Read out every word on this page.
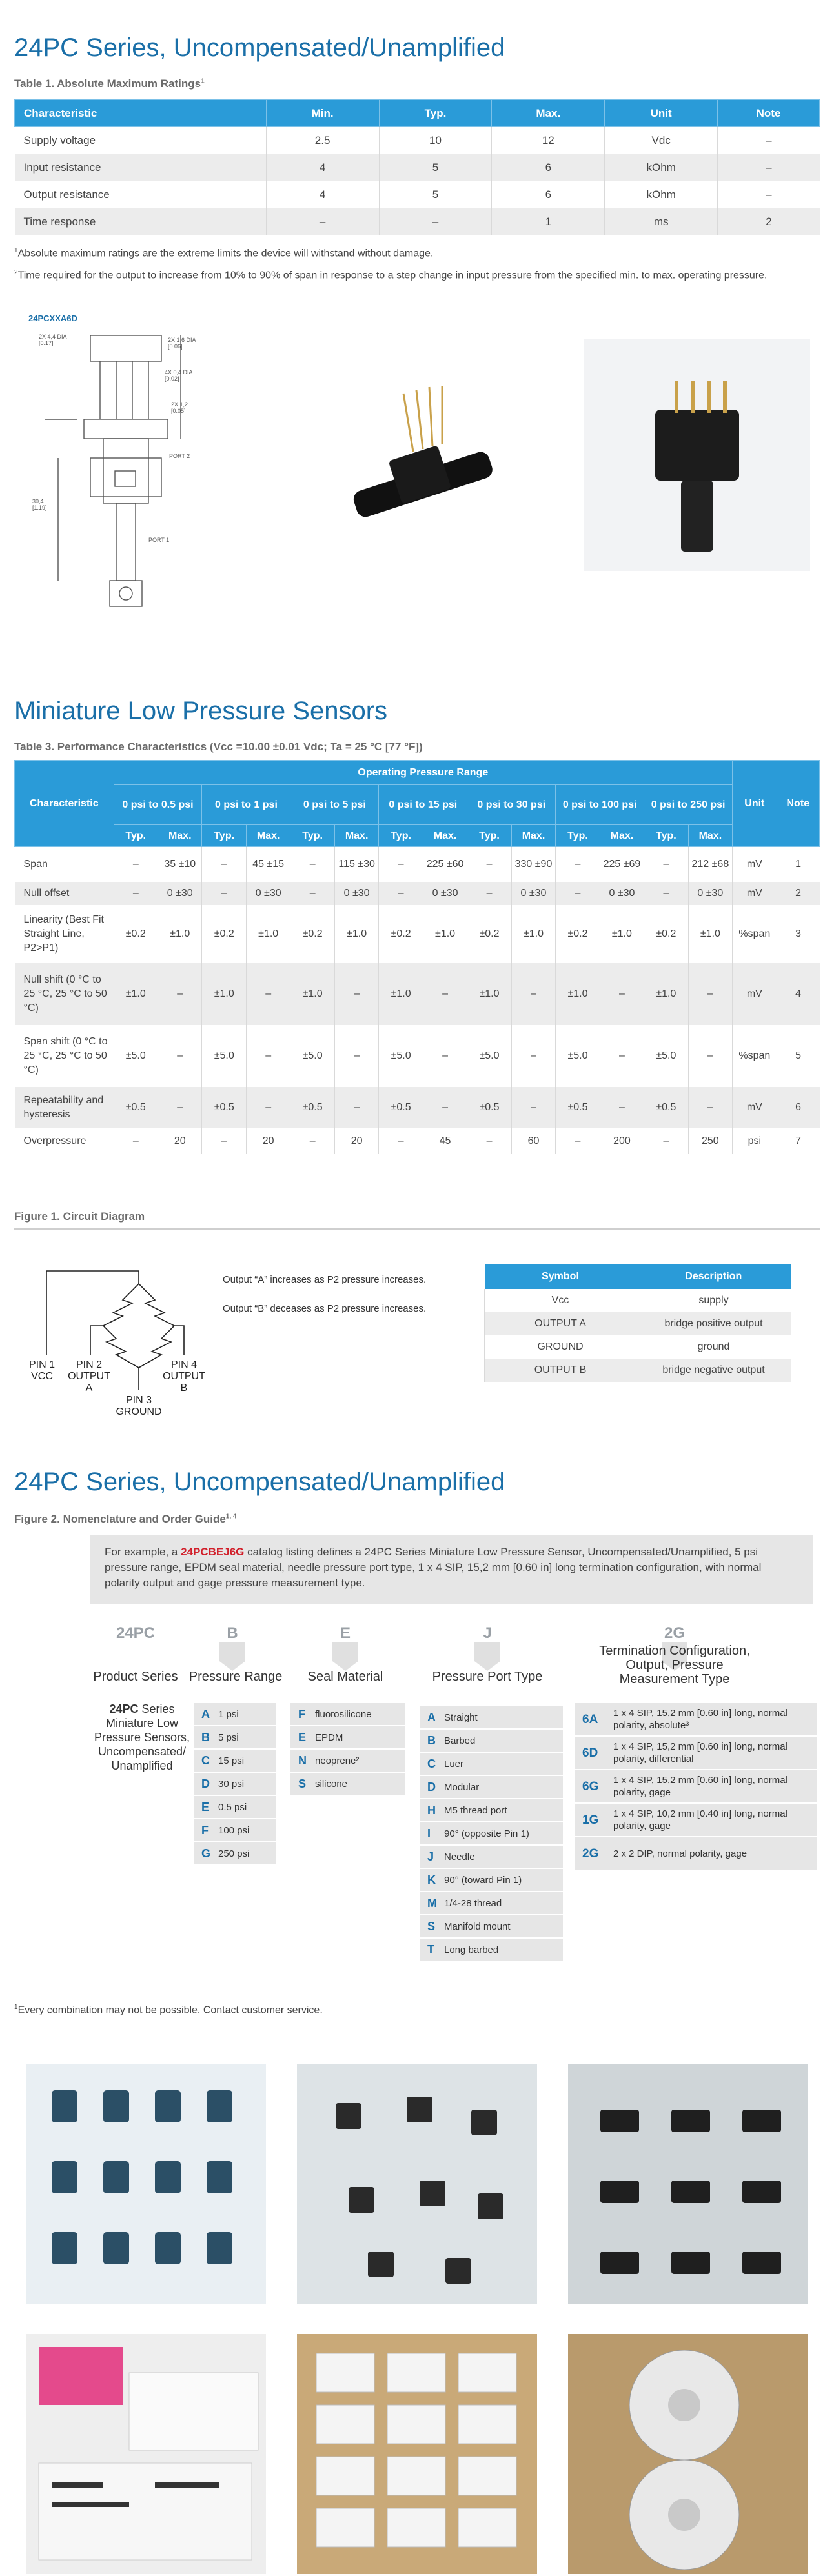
24PC Series, Uncompensated/Unamplified
Table 1. Absolute Maximum Ratings$^1$
Characteristic	Min.	Typ.	Max.	Unit	Note
Supply voltage	2.5	10	12	Vdc	–
Input resistance	4	5	6	kOhm	–
Output resistance	4	5	6	kOhm	–
Time response	–	–	1	ms	2
$^1$Absolute maximum ratings are the extreme limits the device will withstand without damage.
$^2$Time required for the output to increase from 10% to 90% of span in response to a step change in input pressure from the specified min. to max. operating pressure.
24PCXXA6D
2X 4,4 DIA
[0.17]	2X 1,6 DIA
[0.06]
4X 0,4 DIA
[0.02]
PORT 2
PORT 1
30,4
[1.19]
2X 1,2
[0.05]
Miniature Low Pressure Sensors
Table 3. Performance Characteristics (Vcc =10.00 ±0.01 Vdc; Ta = 25 °C [77 °F])
Characteristic	Operating Pressure Range														Unit	Note
	0 psi to 0.5 psi		0 psi to 1 psi		0 psi to 5 psi		0 psi to 15 psi		0 psi to 30 psi		0 psi to 100 psi		0 psi to 250 psi			
	Typ.	Max.	Typ.	Max.	Typ.	Max.	Typ.	Max.	Typ.	Max.	Typ.	Max.	Typ.	Max.		
Span	–	35 ±10	–	45 ±15	–	115 ±30	–	225 ±60	–	330 ±90	–	225 ±69	–	212 ±68	mV	1
Null offset	–	0 ±30	–	0 ±30	–	0 ±30	–	0 ±30	–	0 ±30	–	0 ±30	–	0 ±30	mV	2
Linearity (Best Fit Straight Line, P2>P1)	±0.2	±1.0	±0.2	±1.0	±0.2	±1.0	±0.2	±1.0	±0.2	±1.0	±0.2	±1.0	±0.2	±1.0	%span	3
Null shift (0 °C to 25 °C, 25 °C to 50 °C)	±1.0	–	±1.0	–	±1.0	–	±1.0	–	±1.0	–	±1.0	–	±1.0	–	mV	4
Span shift (0 °C to 25 °C, 25 °C to 50 °C)	±5.0	–	±5.0	–	±5.0	–	±5.0	–	±5.0	–	±5.0	–	±5.0	–	%span	5
Repeatability and hysteresis	±0.5	–	±0.5	–	±0.5	–	±0.5	–	±0.5	–	±0.5	–	±0.5	–	mV	6
Overpressure	–	20	–	20	–	20	–	45	–	60	–	200	–	250	psi	7
Figure 1. Circuit Diagram
PIN 1
VCC
PIN 2
OUTPUT
A
PIN 4
OUTPUT
B
PIN 3
GROUND
Output “A” increases as P2 pressure increases.
Output “B” deceases as P2 pressure increases.
Symbol	Description
Vcc	supply
OUTPUT A	bridge positive output
GROUND	ground
OUTPUT B	bridge negative output
24PC Series, Uncompensated/Unamplified
Figure 2. Nomenclature and Order Guide$^{1, 4}$
For example, a 24PCBEJ6G catalog listing defines a 24PC Series Miniature Low Pressure Sensor, Uncompensated/Unamplified, 5 psi pressure range, EPDM seal material, needle pressure port type, 1 x 4 SIP, 15,2 mm [0.60 in] long termination configuration, with normal polarity output and gage pressure measurement type.
24PC	B	E	J	2G
Product Series Pressure Range	Seal Material	Pressure Port Type
Termination Configuration, Output, Pressure Measurement Type
24PC Series Miniature Low Pressure Sensors, Uncompensated/ Unamplified
A 1 psi
B 5 psi
C 15 psi
D 30 psi
E 0.5 psi
F	100 psi
G 250 psi
F	fluorosilicone
E EPDM
N neoprene²
S silicone
A Straight
B Barbed
C Luer
D Modular
H M5 thread port
I	90° (opposite Pin 1)
J	Needle
K 90° (toward Pin 1)
M 1/4-28 thread
S Manifold mount
T	Long barbed
6A	1 x 4 SIP, 15,2 mm [0.60 in] long, normal polarity, absolute³
6D	1 x 4 SIP, 15,2 mm [0.60 in] long, normal polarity, differential
6G	1 x 4 SIP, 15,2 mm [0.60 in] long, normal polarity, gage
1G	1 x 4 SIP, 10,2 mm [0.40 in] long, normal polarity, gage
2G	2 x 2 DIP, normal polarity, gage
$^1$Every combination may not be possible. Contact customer service.
